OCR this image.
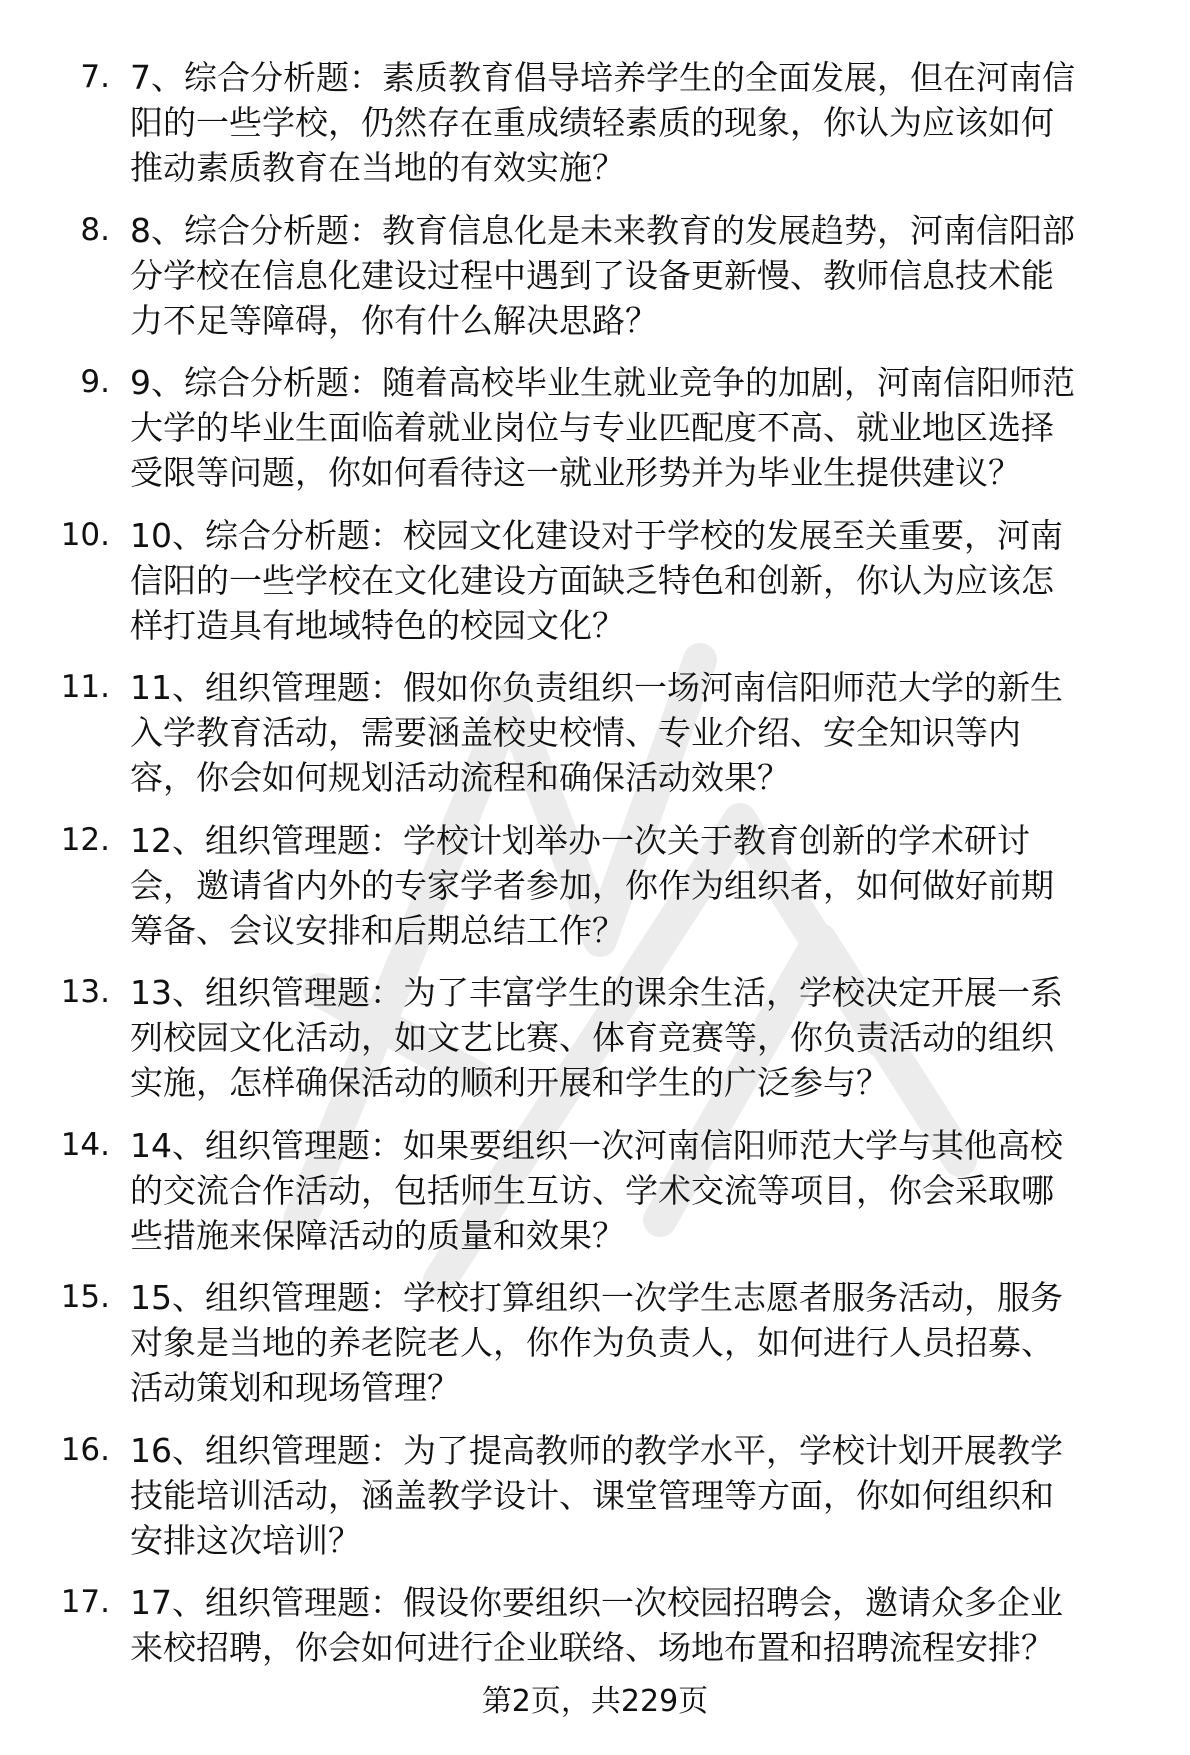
7. 7、综合分析题：素质教育倡导培养学生的全面发展，但在河南信
阳的一些学校，仍然存在重成绩轻素质的现象，你认为应该如何
推动素质教育在当地的有效实施？
8. 8、综合分析题：教育信息化是未来教育的发展趋势，河南信阳部
分学校在信息化建设过程中遇到了设备更新慢、教师信息技术能
力不足等障碍，你有什么解决思路？
9. 9、综合分析题：随着高校毕业生就业竞争的加剧，河南信阳师范
大学的毕业生面临着就业岗位与专业匹配度不高、就业地区选择
受限等问题，你如何看待这一就业形势并为毕业生提供建议？
10. 10、综合分析题：校园文化建设对于学校的发展至关重要，河南
信阳的一些学校在文化建设方面缺乏特色和创新，你认为应该怎
样打造具有地域特色的校园文化？
11. 11、组织管理题：假如你负责组织一场河南信阳师范大学的新生
入学教育活动，需要涵盖校史校情、专业介绍、安全知识等内
容，你会如何规划活动流程和确保活动效果？
12. 12、组织管理题：学校计划举办一次关于教育创新的学术研讨
会，邀请省内外的专家学者参加，你作为组织者，如何做好前期
筹备、会议安排和后期总结工作？
13. 13、组织管理题：为了丰富学生的课余生活，学校决定开展一系
列校园文化活动，如文艺比赛、体育竞赛等，你负责活动的组织
实施，怎样确保活动的顺利开展和学生的广泛参与？
14. 14、组织管理题：如果要组织一次河南信阳师范大学与其他高校
的交流合作活动，包括师生互访、学术交流等项目，你会采取哪
些措施来保障活动的质量和效果？
15. 15、组织管理题：学校打算组织一次学生志愿者服务活动，服务
对象是当地的养老院老人，你作为负责人，如何进行人员招募、
活动策划和现场管理？
16. 16、组织管理题：为了提高教师的教学水平，学校计划开展教学
技能培训活动，涵盖教学设计、课堂管理等方面，你如何组织和
安排这次培训？
17. 17、组织管理题：假设你要组织一次校园招聘会，邀请众多企业
来校招聘，你会如何进行企业联络、场地布置和招聘流程安排？
第2页，共229页
